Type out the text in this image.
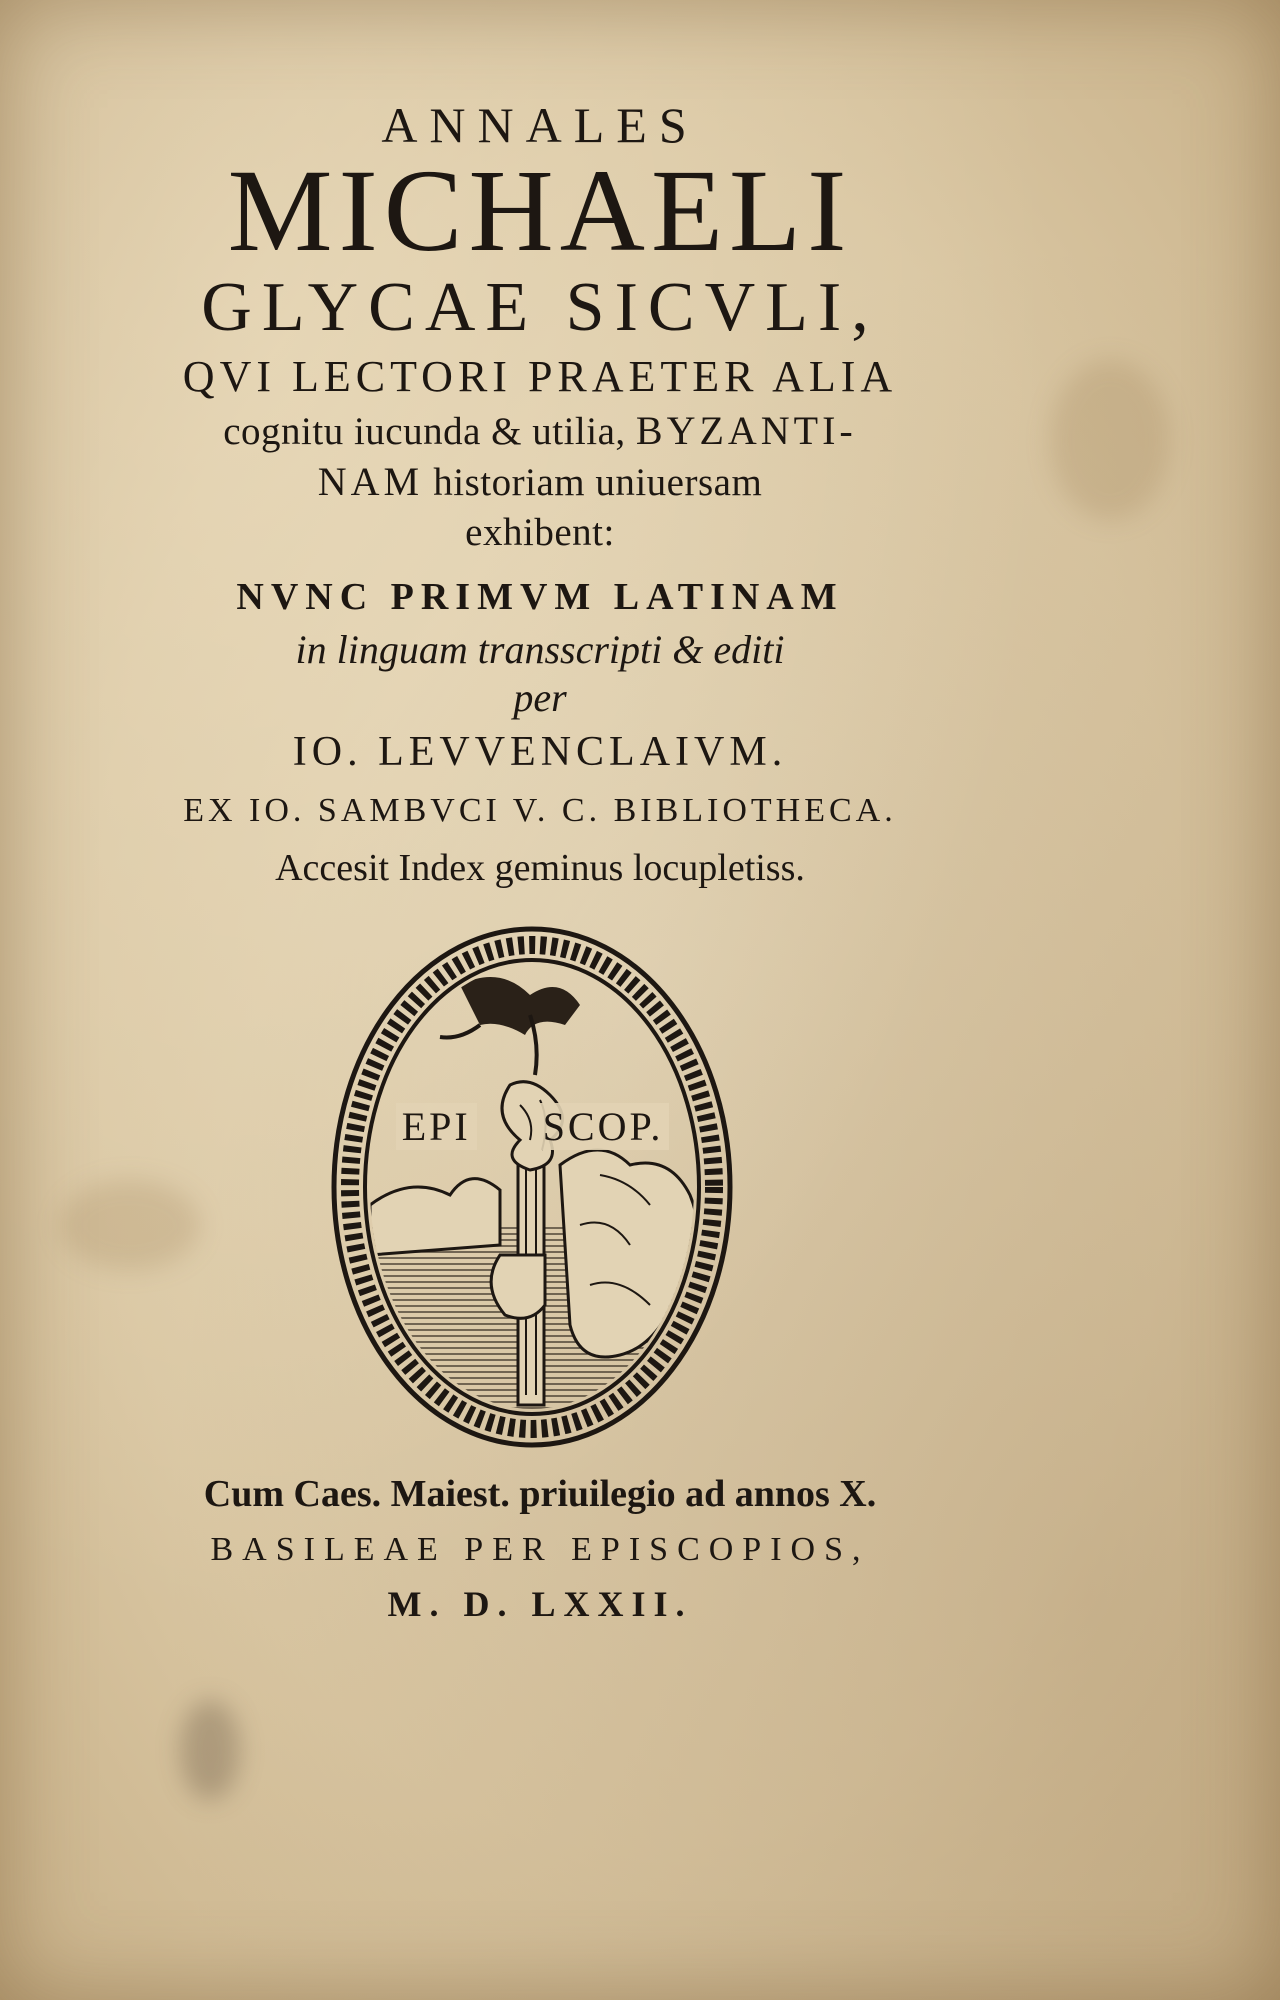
ANNALES
MICHAELI
GLYCAE SICVLI,
QVI LECTORI PRAETER ALIA
cognitu iucunda & utilia, BYZANTI-
NAM historiam uniuersam
exhibent:
NVNC PRIMVM LATINAM
in linguam transscripti & editi
per
IO. LEVVENCLAIVM.
EX IO. SAMBVCI V. C. BIBLIOTHECA.
Accesit Index geminus locupletiss.
EPI SCOP.
Cum Caes. Maiest. priuilegio ad annos X.
BASILEAE PER EPISCOPIOS,
M. D. LXXII.
